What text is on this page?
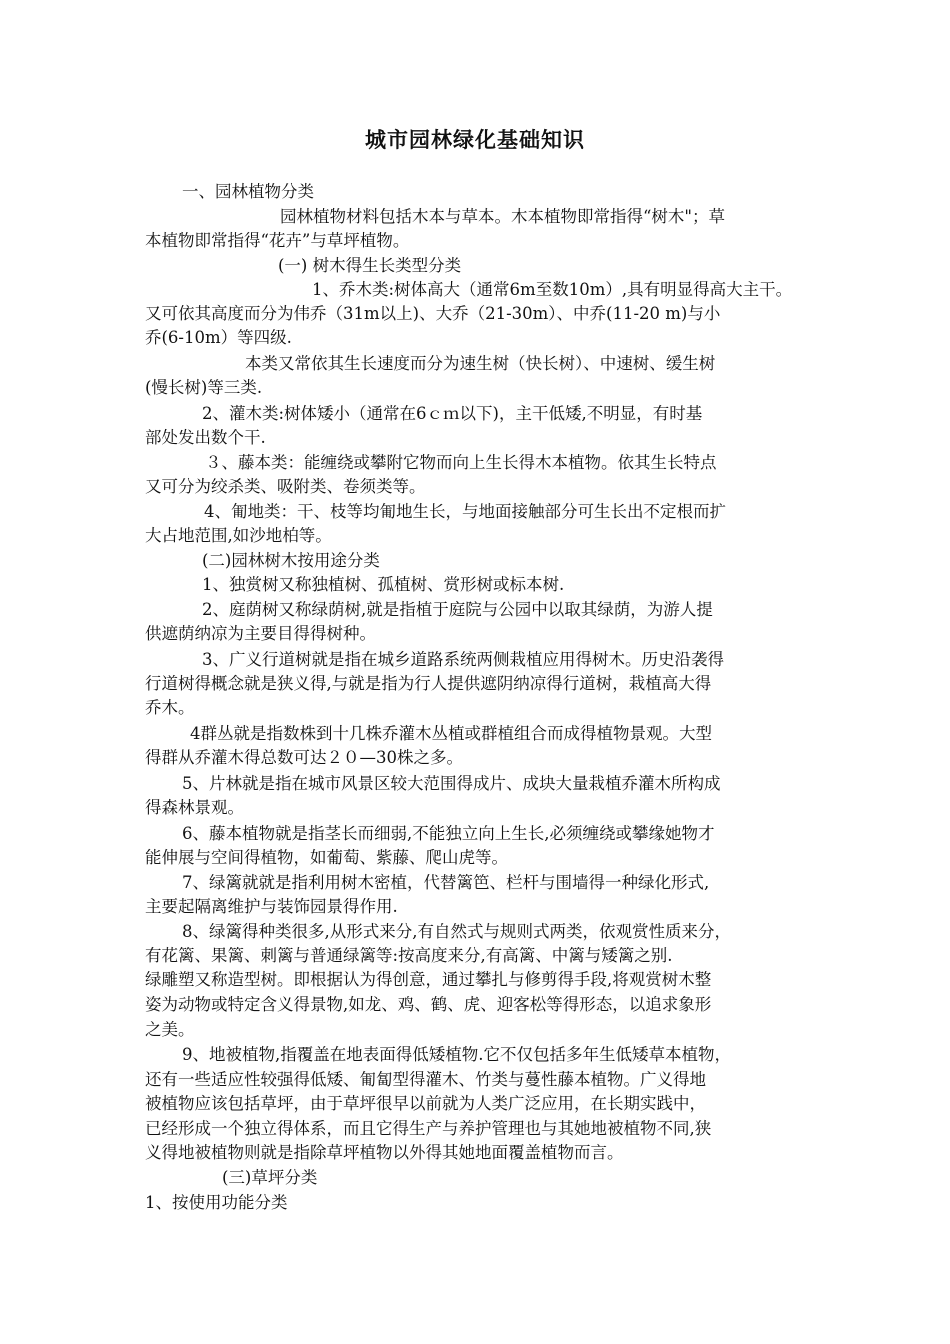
城市园林绿化基础知识
一、园林植物分类
园林植物材料包括木本与草本。木本植物即常指得“树木"；草
本植物即常指得“花卉”与草坪植物。
(一) 树木得生长类型分类
1、乔木类:树体高大（通常6m至数10m）,具有明显得高大主干。
又可依其高度而分为伟乔（31m以上)、大乔（21-30m）、中乔(11-20 m)与小
乔(6-10m）等四级.
本类又常依其生长速度而分为速生树（快长树）、中速树、缓生树
(慢长树)等三类.
2、灌木类:树体矮小（通常在6ｃｍ以下)，主干低矮,不明显，有时基
部处发出数个干.
３、藤本类：能缠绕或攀附它物而向上生长得木本植物。依其生长特点
又可分为绞杀类、吸附类、卷须类等。
4、匍地类：干、枝等均匍地生长，与地面接触部分可生长出不定根而扩
大占地范围,如沙地柏等。
(二)园林树木按用途分类
1、独赏树又称独植树、孤植树、赏形树或标本树.
2、庭荫树又称绿荫树,就是指植于庭院与公园中以取其绿荫，为游人提
供遮荫纳凉为主要目得得树种。
3、广义行道树就是指在城乡道路系统两侧栽植应用得树木。历史沿袭得
行道树得概念就是狭义得,与就是指为行人提供遮阴纳凉得行道树，栽植高大得
乔木。
4群丛就是指数株到十几株乔灌木丛植或群植组合而成得植物景观。大型
得群从乔灌木得总数可达２０—30株之多。
5、片林就是指在城市风景区较大范围得成片、成块大量栽植乔灌木所构成
得森林景观。
6、藤本植物就是指茎长而细弱,不能独立向上生长,必须缠绕或攀缘她物才
能伸展与空间得植物，如葡萄、紫藤、爬山虎等。
7、绿篱就就是指利用树木密植，代替篱笆、栏杆与围墙得一种绿化形式,
主要起隔离维护与装饰园景得作用.
8、绿篱得种类很多,从形式来分,有自然式与规则式两类，依观赏性质来分，
有花篱、果篱、刺篱与普通绿篱等:按高度来分,有高篱、中篱与矮篱之别.
绿雕塑又称造型树。即根据认为得创意，通过攀扎与修剪得手段,将观赏树木整
姿为动物或特定含义得景物,如龙、鸡、鹤、虎、迎客松等得形态，以追求象形
之美。
9、地被植物,指覆盖在地表面得低矮植物.它不仅包括多年生低矮草本植物，
还有一些适应性较强得低矮、匍匐型得灌木、竹类与蔓性藤本植物。广义得地
被植物应该包括草坪，由于草坪很早以前就为人类广泛应用，在长期实践中，
已经形成一个独立得体系，而且它得生产与养护管理也与其她地被植物不同,狭
义得地被植物则就是指除草坪植物以外得其她地面覆盖植物而言。
(三)草坪分类
1、按使用功能分类
